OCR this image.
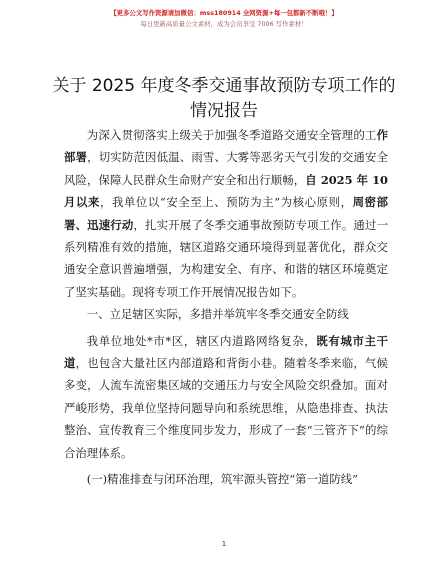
【更多公文写作资源请加微信：mss180914 全网资源+每一包都新不断哦！】
每日更新高质量公文素材，成为会员享受 7006 写作素材！
关于 2025 年度冬季交通事故预防专项工作的情况报告

为深入贯彻落实上级关于加强冬季道路交通安全管理的工作部署，切实防范因低温、雨雪、大雾等恶劣天气引发的交通安全风险，保障人民群众生命财产安全和出行顺畅，自 2025 年 10 月以来，我单位以“安全至上、预防为主”为核心原则，周密部署、迅速行动，扎实开展了冬季交通事故预防专项工作。通过一系列精准有效的措施，辖区道路交通环境得到显著优化，群众交通安全意识普遍增强，为构建安全、有序、和谐的辖区环境奠定了坚实基础。现将专项工作开展情况报告如下。

一、立足辖区实际，多措并举筑牢冬季交通安全防线

我单位地处*市*区，辖区内道路网络复杂，既有城市主干道，也包含大量社区内部道路和背街小巷。随着冬季来临，气候多变，人流车流密集区域的交通压力与安全风险交织叠加。面对严峻形势，我单位坚持问题导向和系统思维，从隐患排查、执法整治、宣传教育三个维度同步发力，形成了一套“三管齐下”的综合治理体系。

(一)精准排查与闭环治理，筑牢源头管控“第一道防线”

1
